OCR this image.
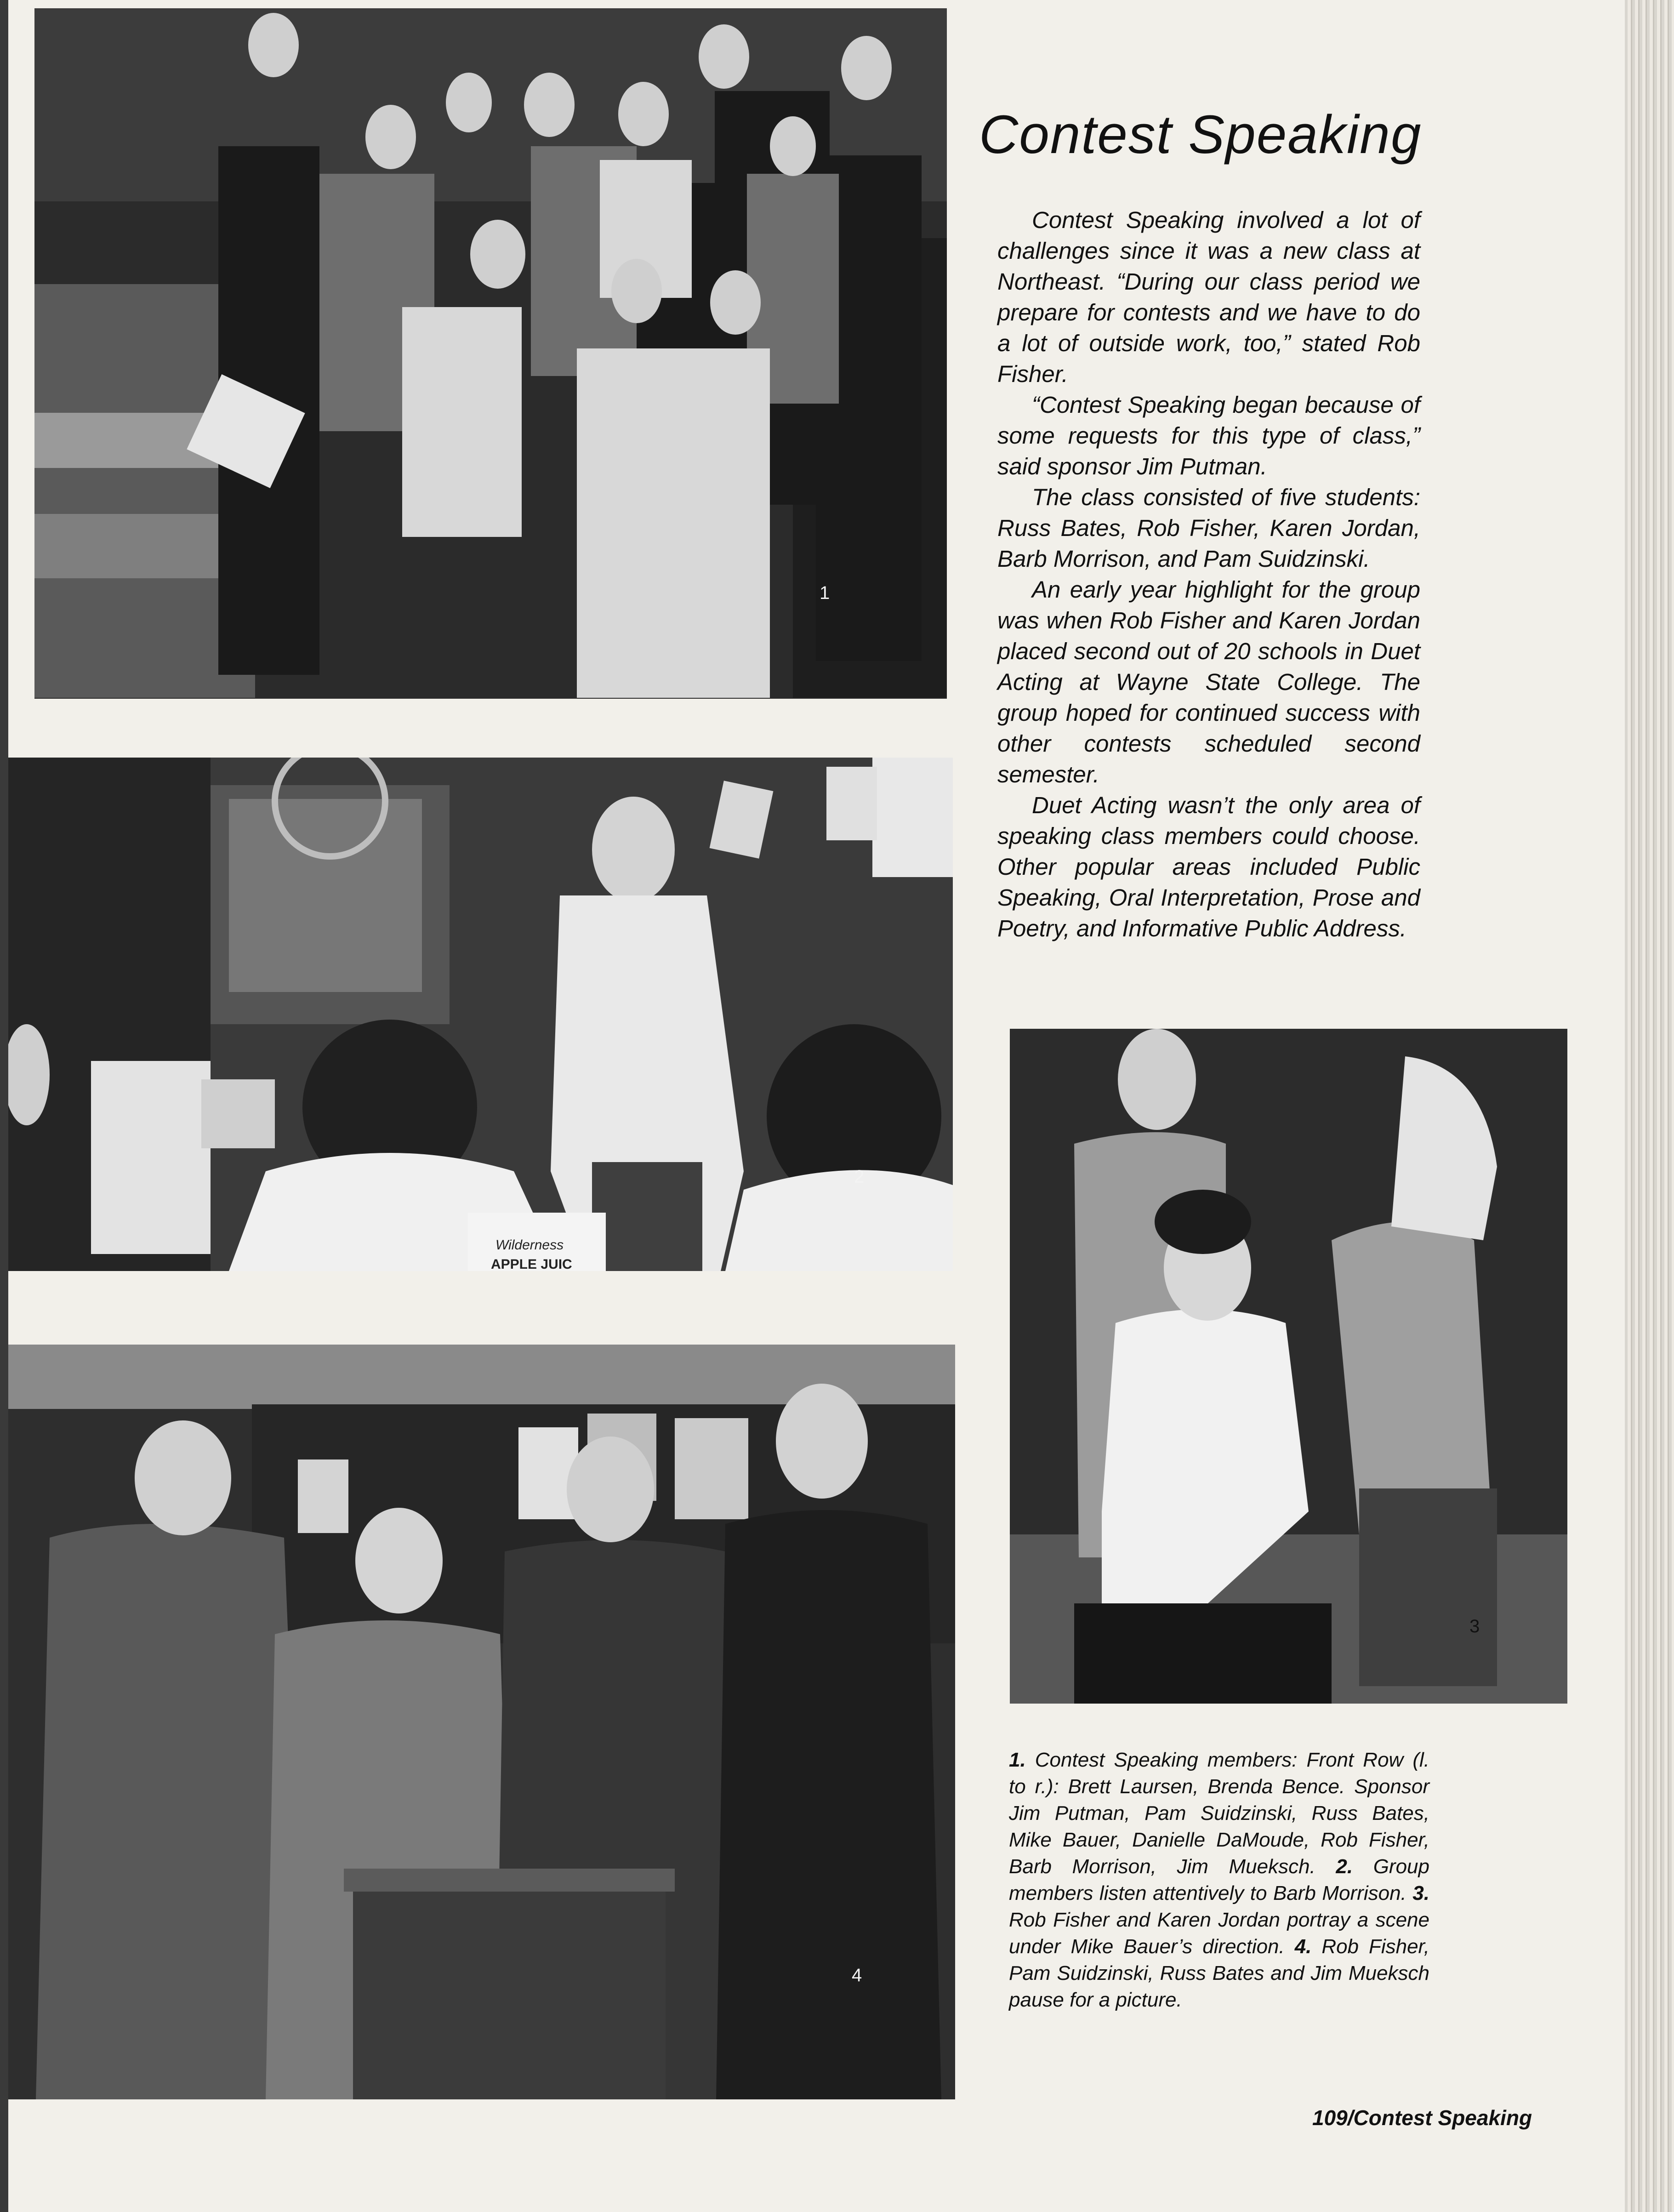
1
Wilderness
APPLE JUIC
2
4
3
Contest Speaking

Contest Speaking involved a lot of challenges since it was a new class at Northeast. “During our class period we prepare for contests and we have to do a lot of outside work, too,” stated Rob Fisher.

“Contest Speaking began because of some requests for this type of class,” said sponsor Jim Putman.

The class consisted of five students: Russ Bates, Rob Fisher, Karen Jordan, Barb Morrison, and Pam Suidzinski.

An early year highlight for the group was when Rob Fisher and Karen Jordan placed second out of 20 schools in Duet Acting at Wayne State College. The group hoped for continued success with other contests scheduled second semester.

Duet Acting wasn’t the only area of speaking class members could choose. Other popular areas included Public Speaking, Oral Interpretation, Prose and Poetry, and Informative Public Address.

1. Contest Speaking members: Front Row (l. to r.): Brett Laursen, Brenda Bence. Sponsor Jim Putman, Pam Suidzinski, Russ Bates, Mike Bauer, Danielle DaMoude, Rob Fisher, Barb Morrison, Jim Mueksch. 2. Group members listen attentively to Barb Morrison. 3. Rob Fisher and Karen Jordan portray a scene under Mike Bauer’s direction. 4. Rob Fisher, Pam Suidzinski, Russ Bates and Jim Mueksch pause for a picture.

109/Contest Speaking
